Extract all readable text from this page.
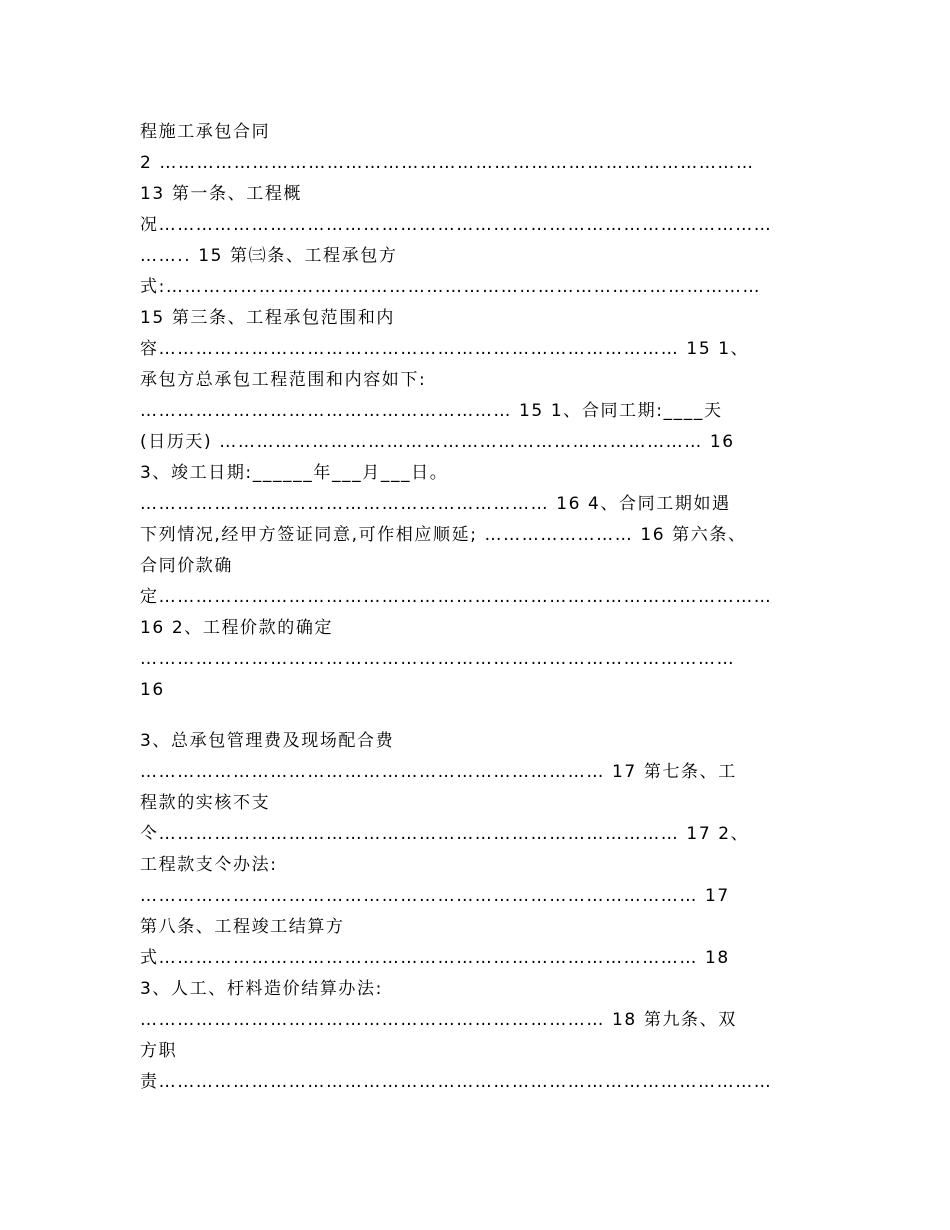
程施工承包合同
2 ……………………………………………………………………………………
13 第一条、工程概
况………………………………………………………………………………………
…….. 15 第㈢条、工程承包方
式:……………………………………………………………………………………
15 第三条、工程承包范围和内
容………………………………………………………………………… 15 1、
承包方总承包工程范围和内容如下:
…………………………………………………… 15 1、合同工期:____天
(日历天) …………………………………………………………………… 16
3、竣工日期:______年___月___日。
………………………………………………………… 16 4、合同工期如遇
下列情况,经甲方签证同意,可作相应顺延; …………………… 16 第六条、
合同价款确
定………………………………………………………………………………………
16 2、工程价款的确定
……………………………………………………………………………………
16
3、总承包管理费及现场配合费
………………………………………………………………… 17 第七条、工
程款的实核不支
仒………………………………………………………………………… 17 2、
工程款支仒办法:
……………………………………………………………………………… 17
第八条、工程竣工结算方
式…………………………………………………………………………… 18
3、人工、杅料造价结算办法:
………………………………………………………………… 18 第九条、双
方职
责………………………………………………………………………………………
